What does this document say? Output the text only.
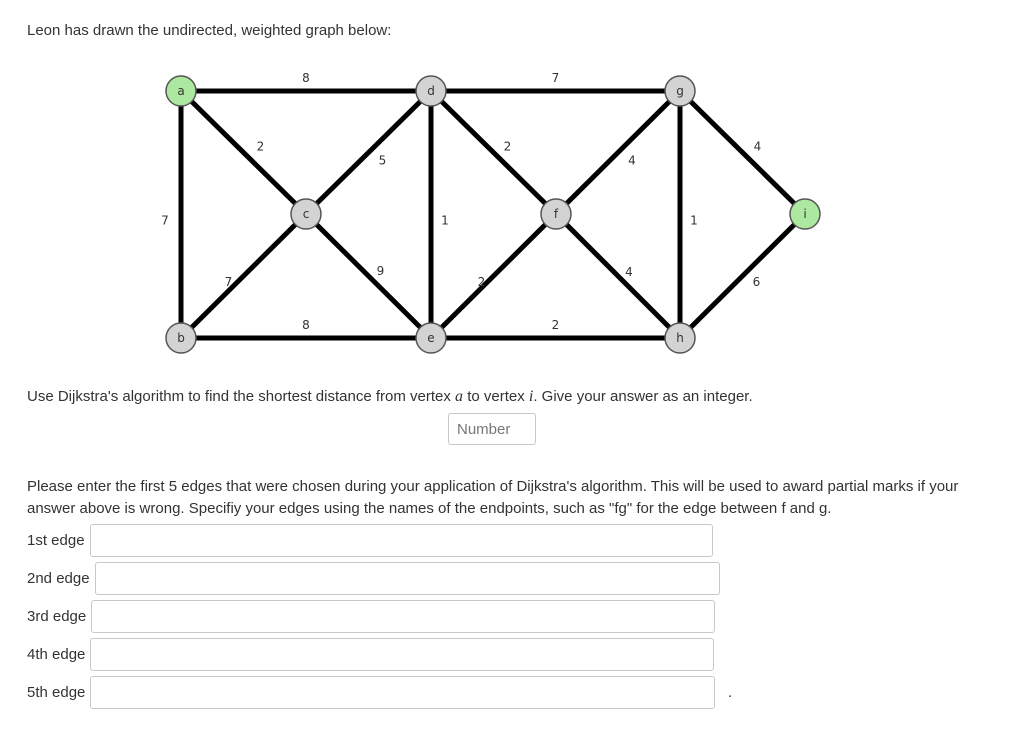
Leon has drawn the undirected, weighted graph below:
8	7
2
5
2
4
4
7	1	1
7
9
2
4
6
8	2
a
b
c
d
e
f
g
h
i
Use Dijkstra's algorithm to find the shortest distance from vertex a to vertex i. Give your answer as an integer.
Number
Please enter the first 5 edges that were chosen during your application of Dijkstra's algorithm. This will be used to award partial marks if your answer above is wrong. Specifiy your edges using the names of the endpoints, such as "fg" for the edge between f and g.
1st edge
2nd edge
3rd edge
4th edge
5th edge	.
